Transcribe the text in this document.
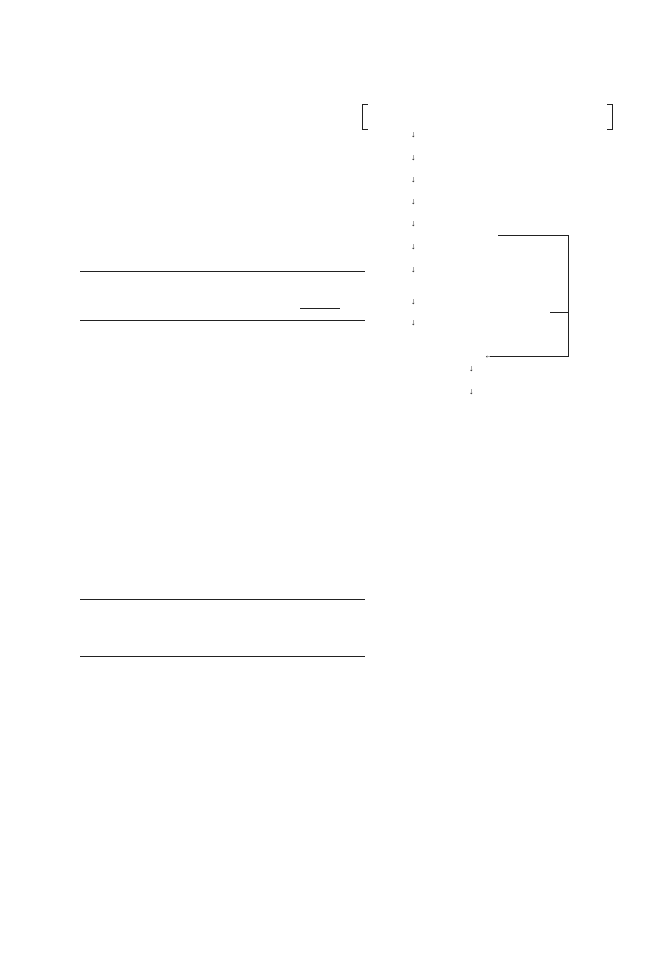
↓
↓
↓
↓
↓
↓
↓
↓
↓
←
↓
↓
